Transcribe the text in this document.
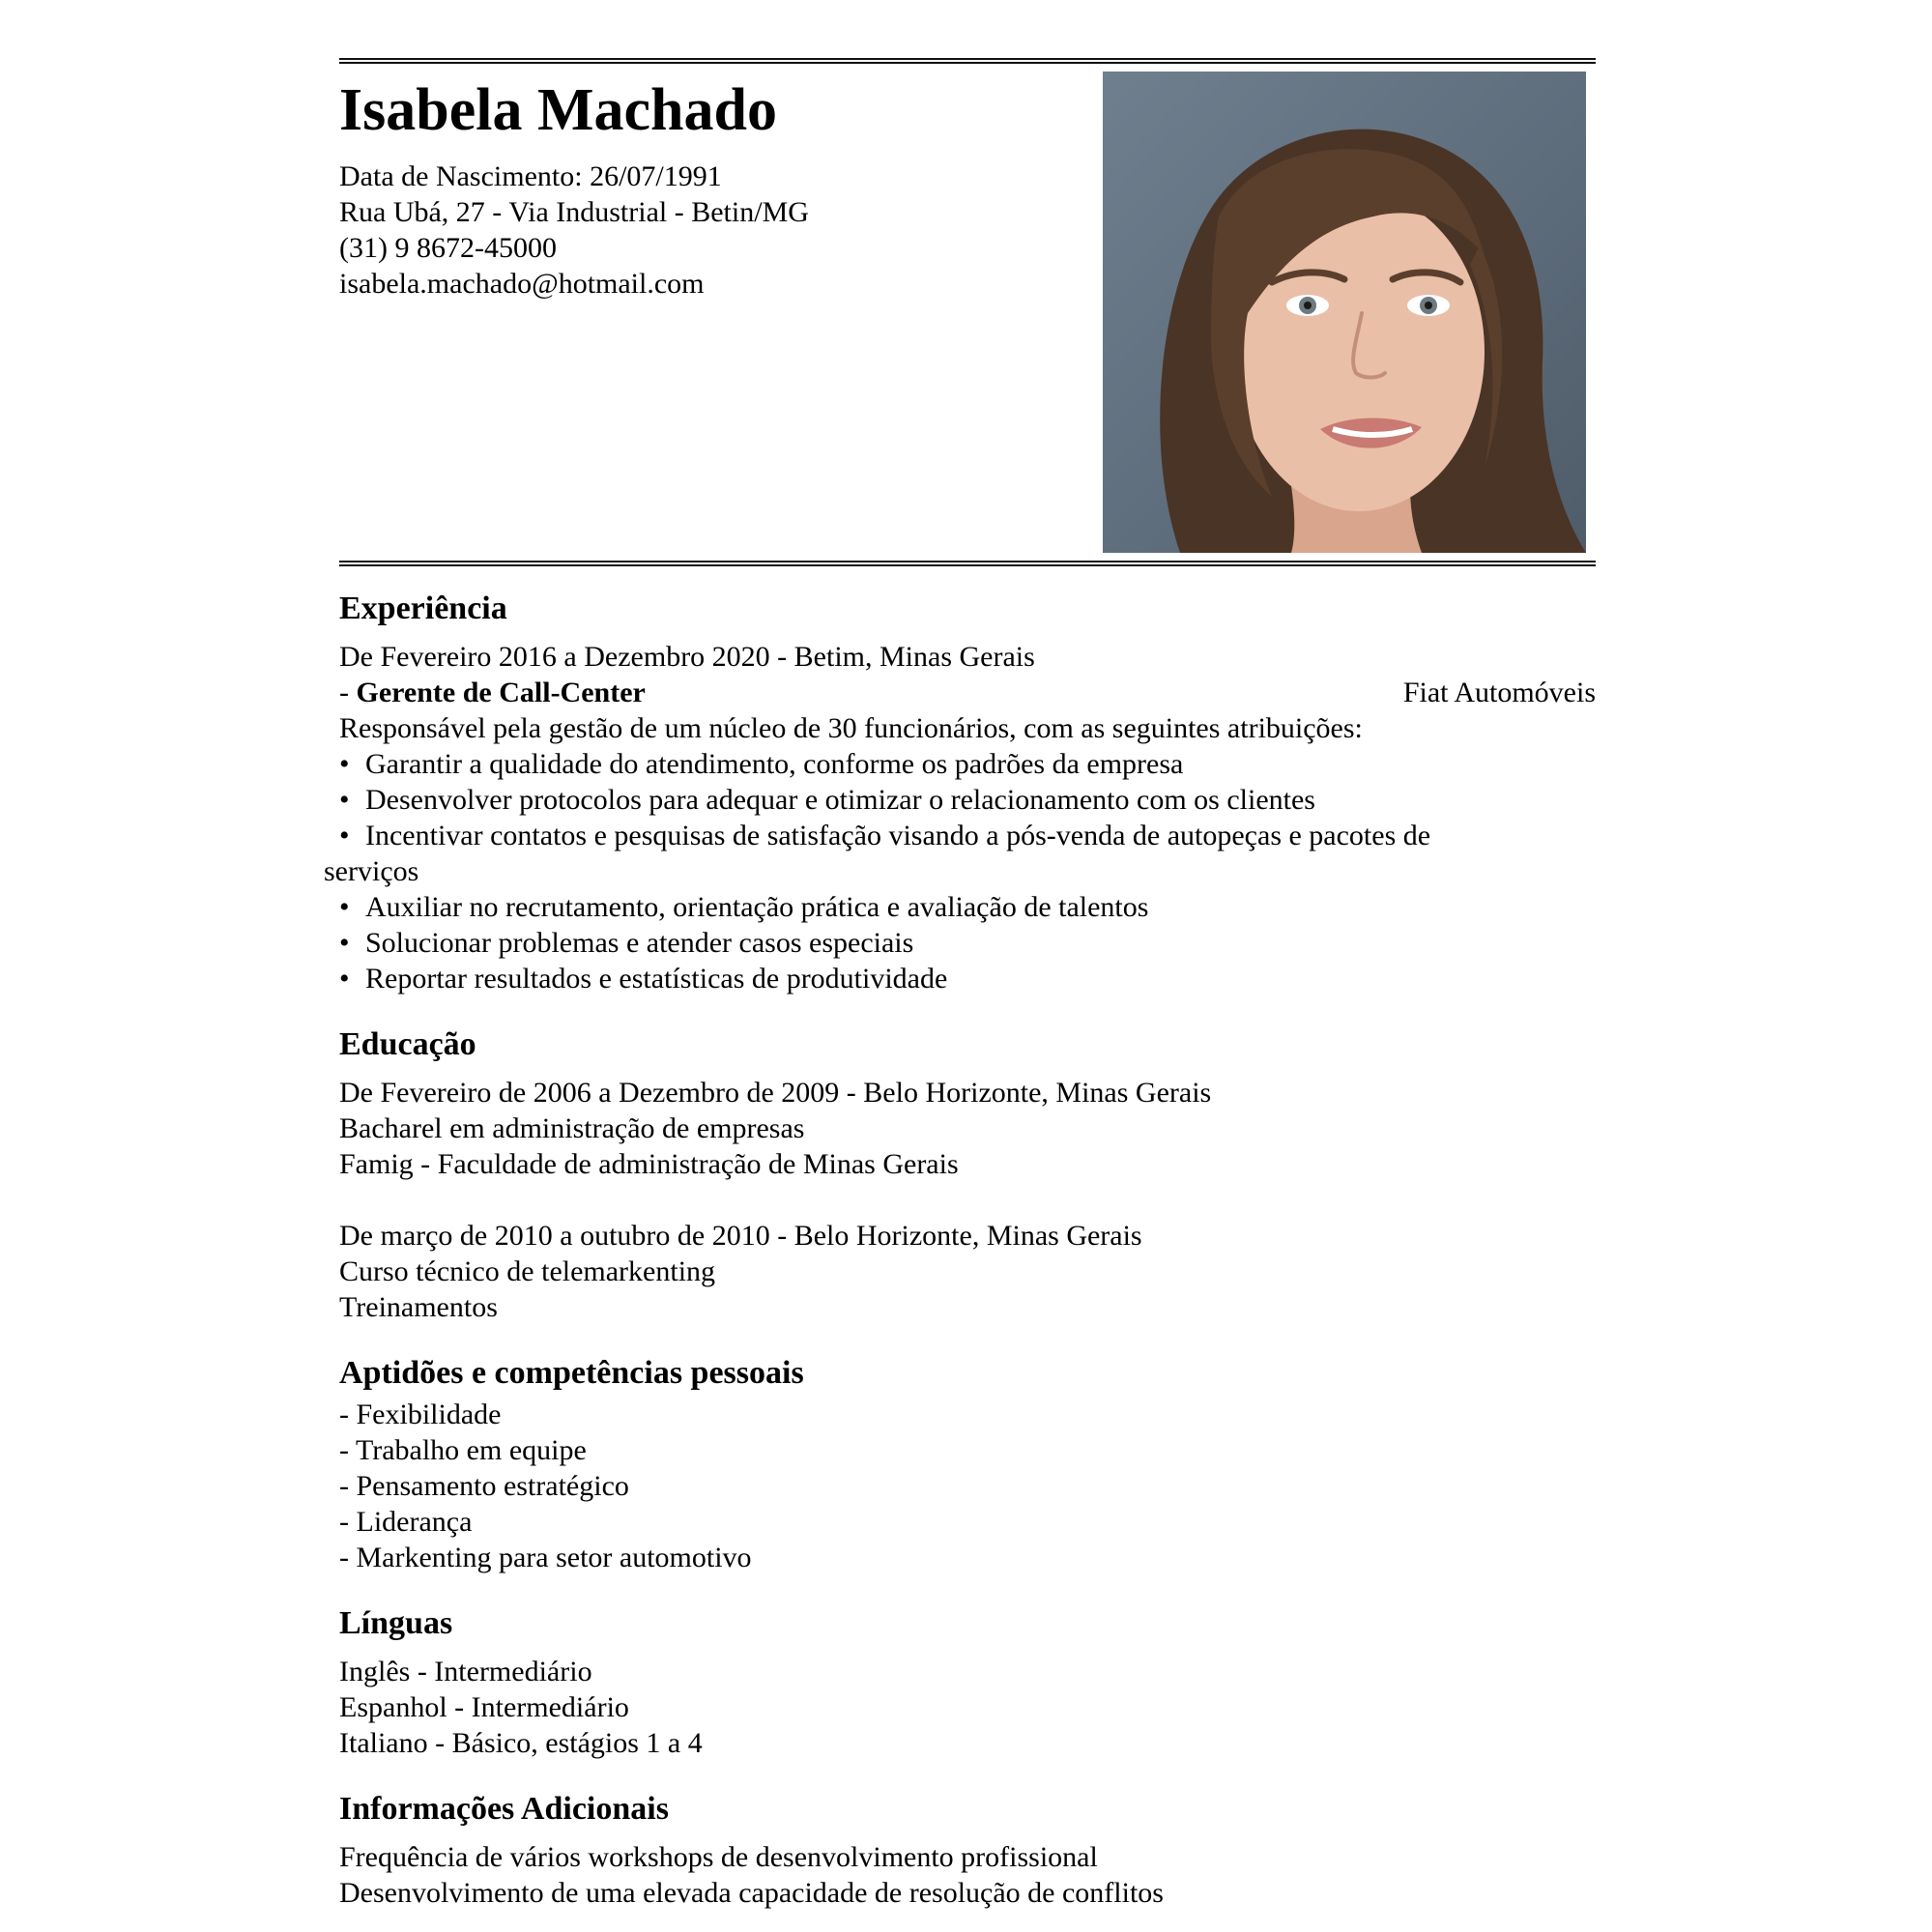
Isabela Machado
Data de Nascimento: 26/07/1991
Rua Ubá, 27 - Via Industrial - Betin/MG
(31) 9 8672-45000
isabela.machado@hotmail.com
Experiência
De Fevereiro 2016 a Dezembro 2020 - Betim, Minas Gerais
- Gerente de Call-Center	Fiat Automóveis
Responsável pela gestão de um núcleo de 30 funcionários, com as seguintes atribuições:
• Garantir a qualidade do atendimento, conforme os padrões da empresa
• Desenvolver protocolos para adequar e otimizar o relacionamento com os clientes
• Incentivar contatos e pesquisas de satisfação visando a pós-venda de autopeças e pacotes de
serviços
• Auxiliar no recrutamento, orientação prática e avaliação de talentos
• Solucionar problemas e atender casos especiais
• Reportar resultados e estatísticas de produtividade
Educação
De Fevereiro de 2006 a Dezembro de 2009 - Belo Horizonte, Minas Gerais
Bacharel em administração de empresas
Famig - Faculdade de administração de Minas Gerais
De março de 2010 a outubro de 2010 - Belo Horizonte, Minas Gerais
Curso técnico de telemarkenting
Treinamentos
Aptidões e competências pessoais
- Fexibilidade
- Trabalho em equipe
- Pensamento estratégico
- Liderança
- Markenting para setor automotivo
Línguas
Inglês - Intermediário
Espanhol - Intermediário
Italiano - Básico, estágios 1 a 4
Informações Adicionais
Frequência de vários workshops de desenvolvimento profissional
Desenvolvimento de uma elevada capacidade de resolução de conflitos
